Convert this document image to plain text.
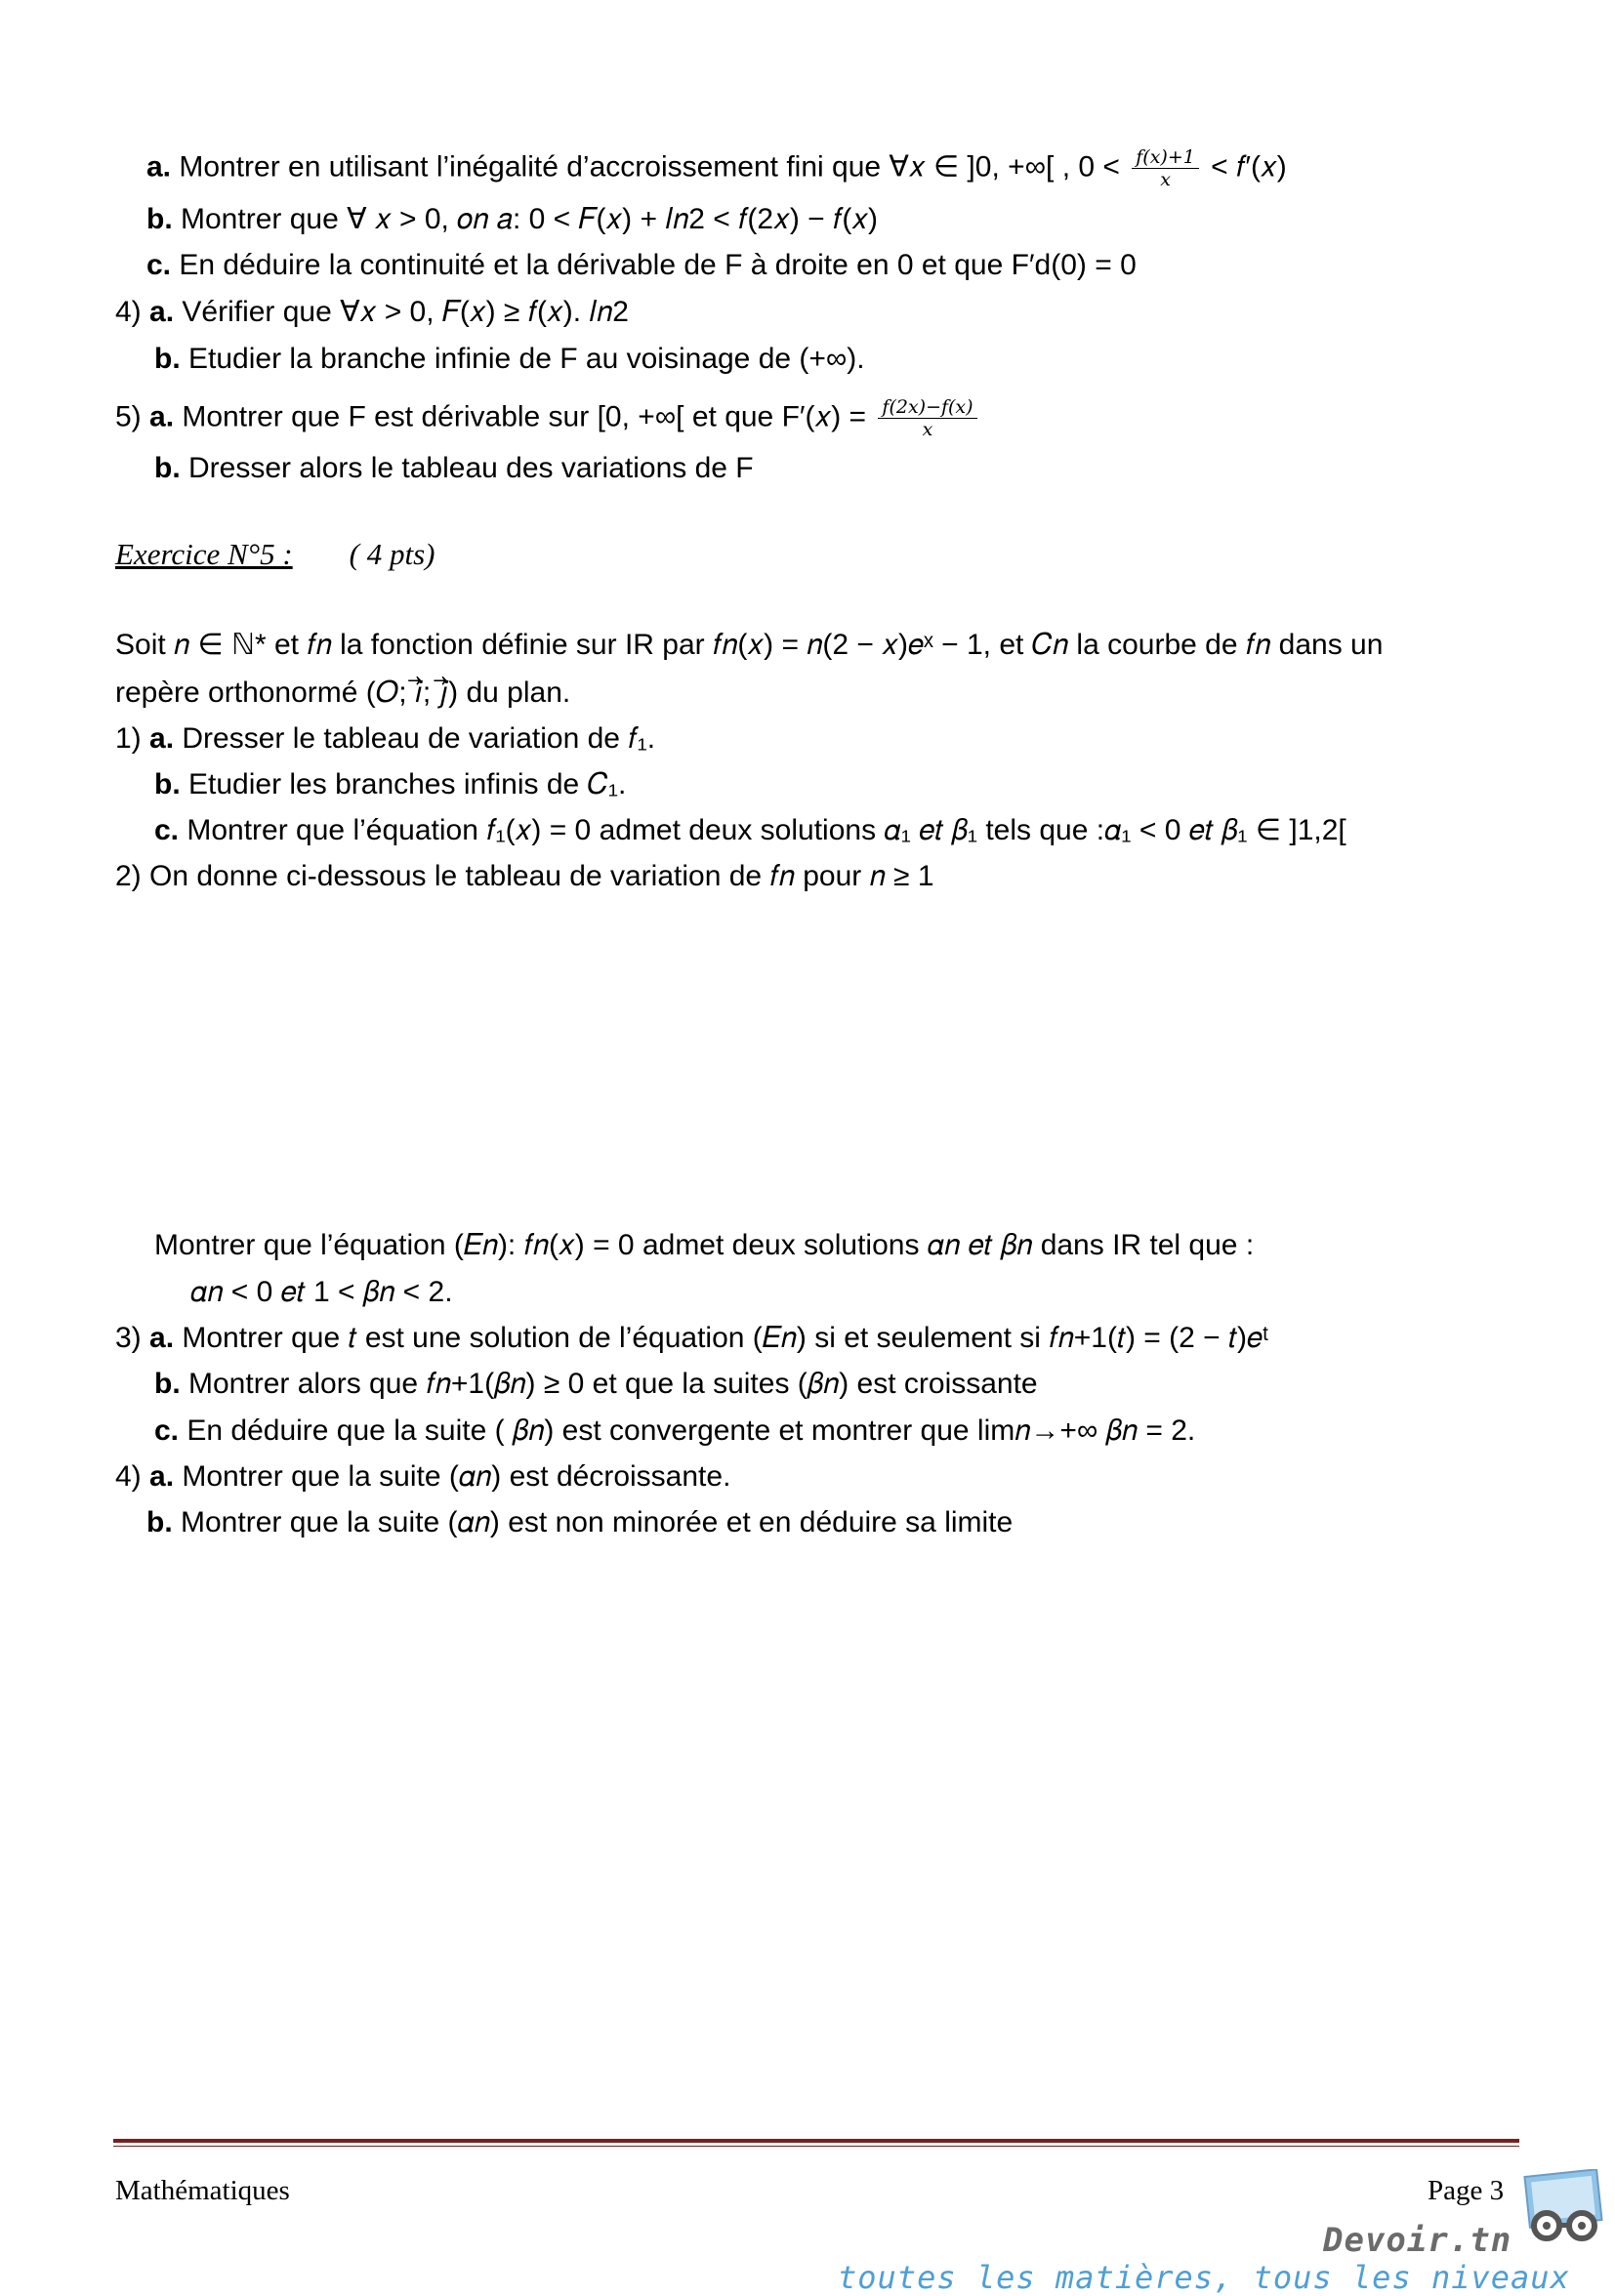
a. Montrer en utilisant l’inégalité d’accroissement fini que ∀𝑥 ∈ ]0, +∞[ , $0 < \frac{f(x)+1}{x}$ < 𝑓′(𝑥)
b. Montrer que ∀ 𝑥 > 0, 𝑜𝑛 𝑎: 0 < 𝐹(𝑥) + 𝑙𝑛2 < 𝑓(2𝑥) − 𝑓(𝑥)
c. En déduire la continuité et la dérivable de F à droite en 0 et que F′d(0) = 0
4) a. Vérifier que ∀𝑥 > 0, 𝐹(𝑥) ≥ 𝑓(𝑥). 𝑙𝑛2
b. Etudier la branche infinie de F au voisinage de (+∞).
5) a. Montrer que F est dérivable sur [0, +∞[ et que F′(𝑥) = $\frac{f(2x)-f(x)}{x}$
b. Dresser alors le tableau des variations de F
Exercice N°5 : ( 4 pts)
Soit 𝑛 ∈ ℕ* et 𝑓𝑛 la fonction définie sur IR par 𝑓𝑛(𝑥) = 𝑛(2 − 𝑥)𝑒ˣ − 1, et 𝐶𝑛 la courbe de 𝑓𝑛 dans un
repère orthonormé (𝑂; 𝑖⃗; 𝑗⃗) du plan.
1) a. Dresser le tableau de variation de 𝑓₁.
b. Etudier les branches infinis de 𝐶₁.
c. Montrer que l’équation 𝑓₁(𝑥) = 0 admet deux solutions 𝛼₁ 𝑒𝑡 𝛽₁ tels que :𝛼₁ < 0 𝑒𝑡 𝛽₁ ∈ ]1,2[
2) On donne ci-dessous le tableau de variation de 𝑓𝑛 pour 𝑛 ≥ 1
Montrer que l’équation (𝐸𝑛): 𝑓𝑛(𝑥) = 0 admet deux solutions 𝛼𝑛 𝑒𝑡 𝛽𝑛 dans IR tel que :
𝛼𝑛 < 0 𝑒𝑡 1 < 𝛽𝑛 < 2.
3) a. Montrer que 𝑡 est une solution de l’équation (𝐸𝑛) si et seulement si 𝑓𝑛+1(𝑡) = (2 − 𝑡)𝑒ᵗ
b. Montrer alors que 𝑓𝑛+1(𝛽𝑛) ≥ 0 et que la suites (𝛽𝑛) est croissante
c. En déduire que la suite ( 𝛽𝑛) est convergente et montrer que lim𝑛→+∞ 𝛽𝑛 = 2.
4) a. Montrer que la suite (𝛼𝑛) est décroissante.
b. Montrer que la suite (𝛼𝑛) est non minorée et en déduire sa limite
Mathématiques	Page 3
Devoir.tn
toutes les matières, tous les niveaux
